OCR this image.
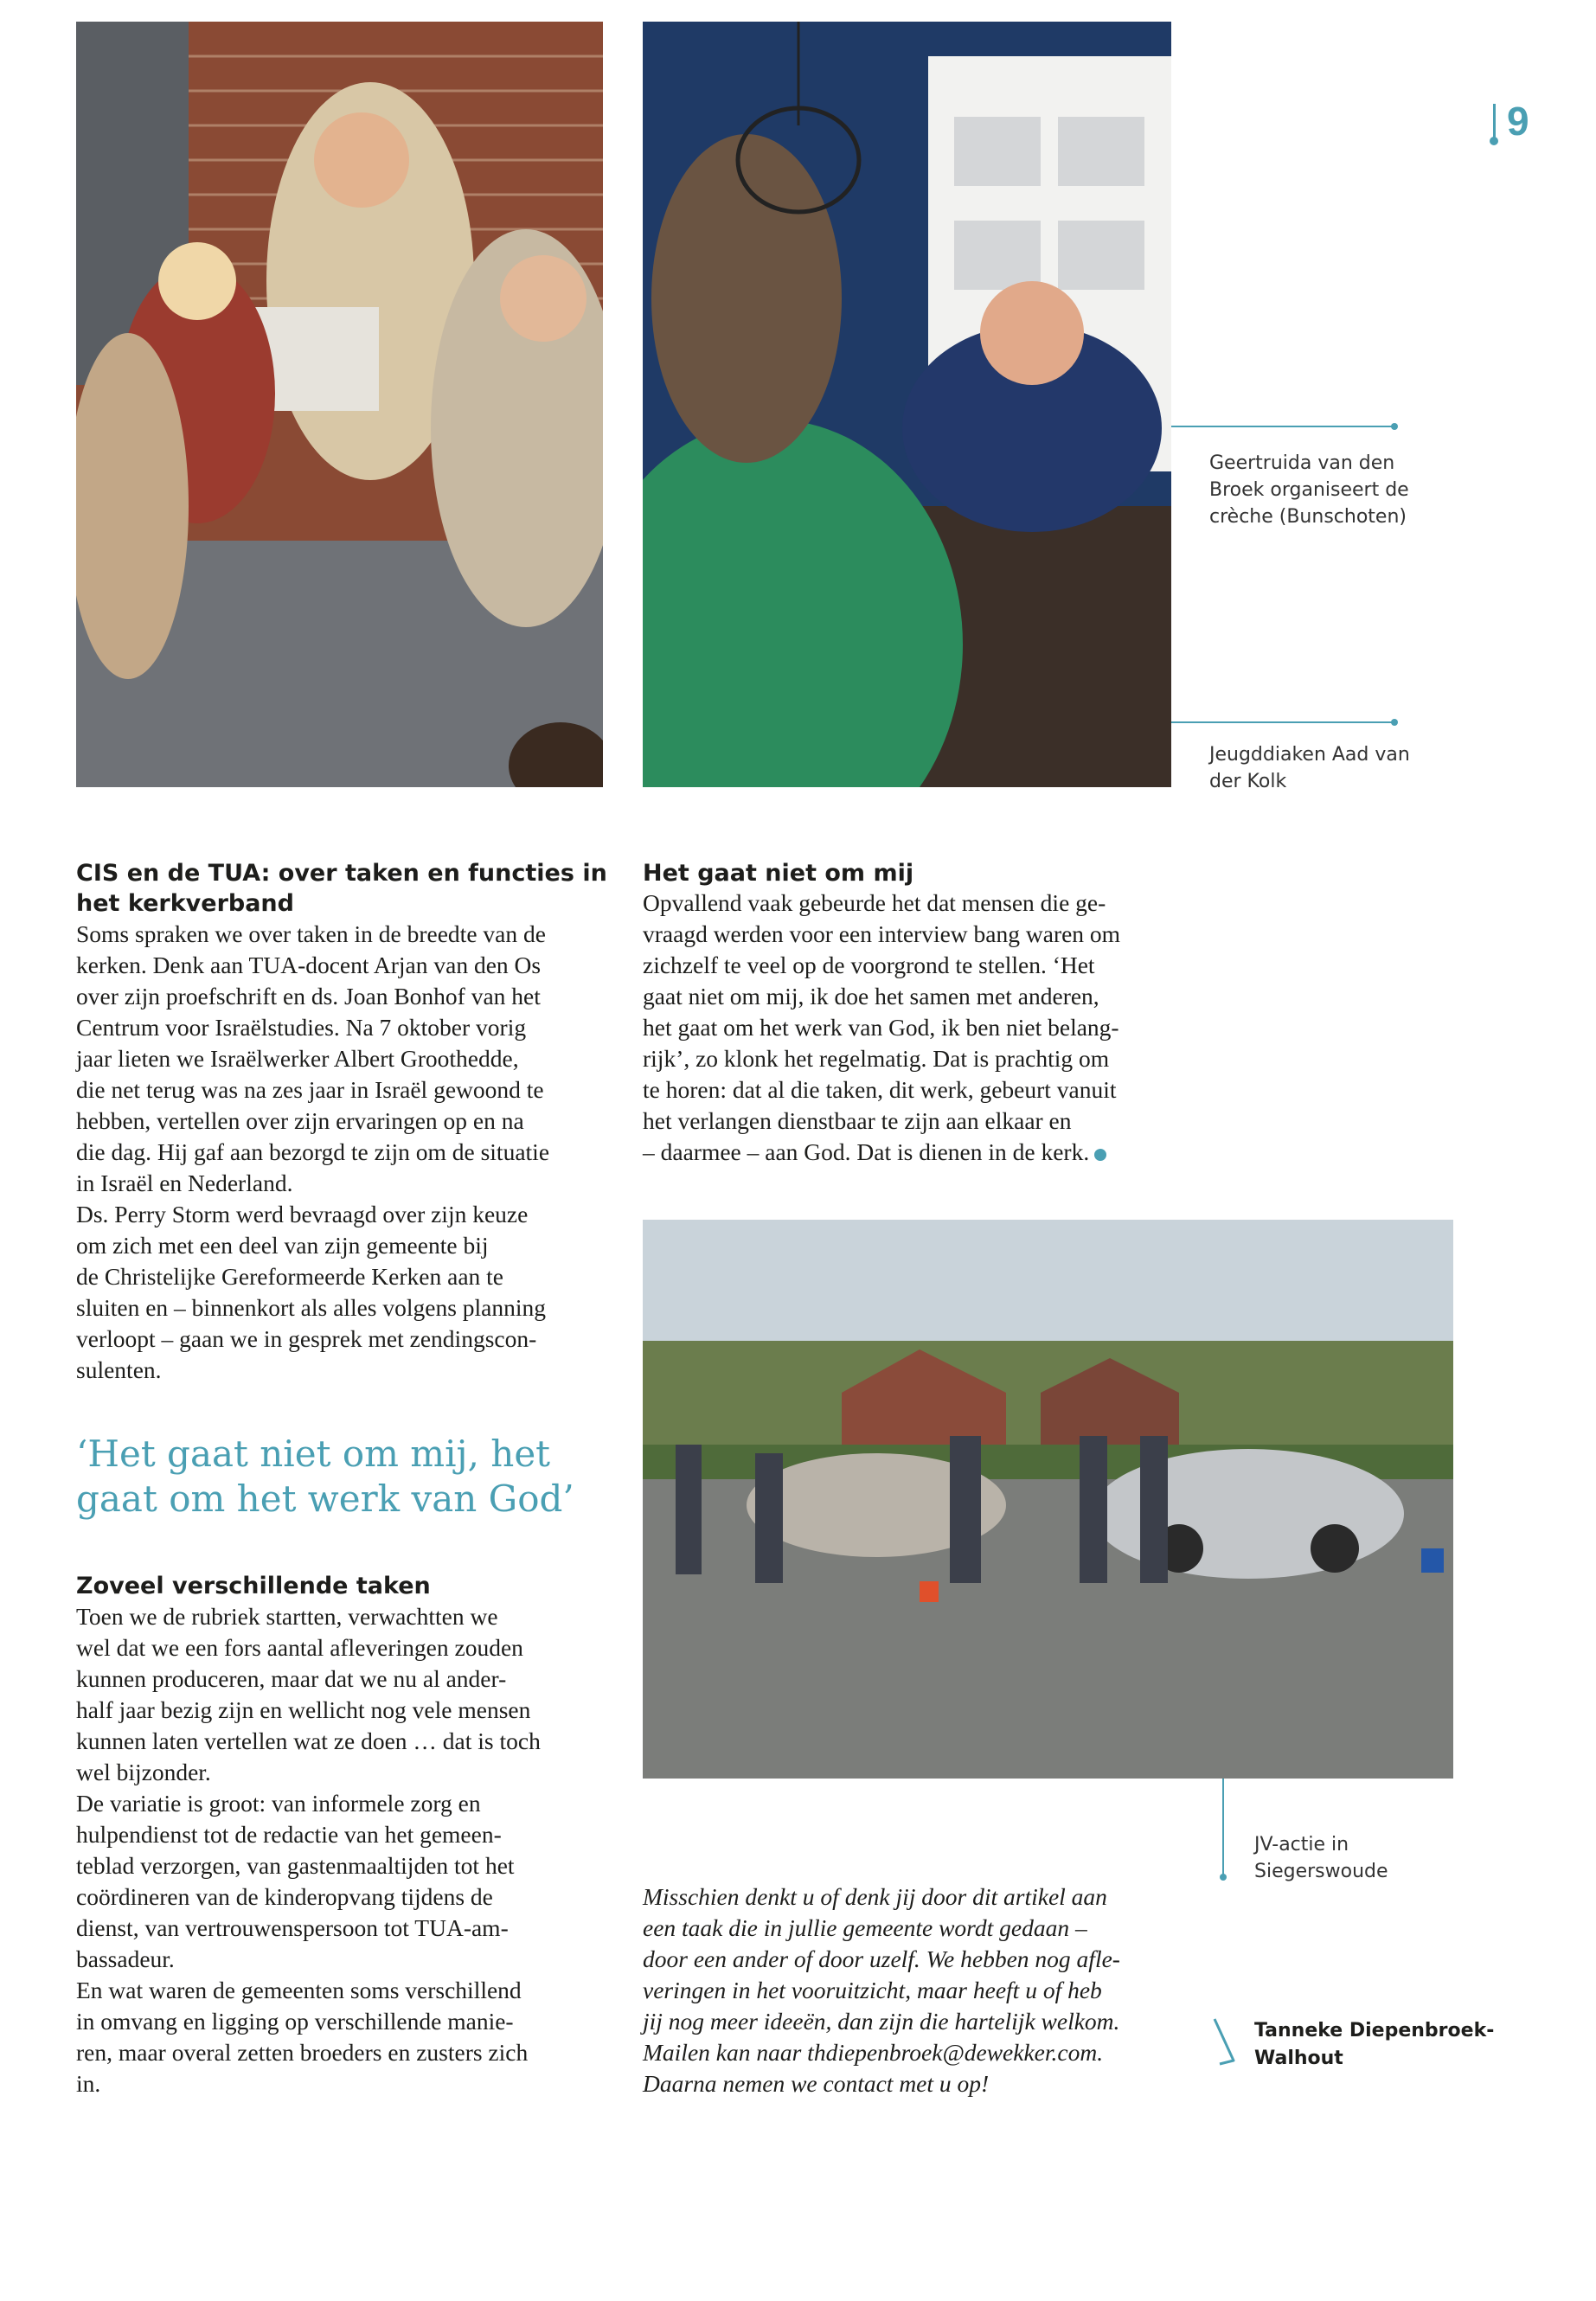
9
Geertruida van den
Broek organiseert de
crèche (Bunschoten)
Jeugddiaken Aad van
der Kolk
CIS en de TUA: over taken en functies in
het kerkverband

Soms spraken we over taken in de breedte van de

kerken. Denk aan TUA-docent Arjan van den Os

over zijn proefschrift en ds. Joan Bonhof van het

Centrum voor Israëlstudies. Na 7 oktober vorig

jaar lieten we Israëlwerker Albert Groothedde,

die net terug was na zes jaar in Israël gewoond te

hebben, vertellen over zijn ervaringen op en na

die dag. Hij gaf aan bezorgd te zijn om de situatie

in Israël en Nederland.

Ds. Perry Storm werd bevraagd over zijn keuze

om zich met een deel van zijn gemeente bij

de Christelijke Gereformeerde Kerken aan te

sluiten en – binnenkort als alles volgens planning

verloopt – gaan we in gesprek met zendingscon-

sulenten.

‘Het gaat niet om mij, het
gaat om het werk van God’
Zoveel verschillende taken

Toen we de rubriek startten, verwachtten we

wel dat we een fors aantal afleveringen zouden

kunnen produceren, maar dat we nu al ander-

half jaar bezig zijn en wellicht nog vele mensen

kunnen laten vertellen wat ze doen … dat is toch

wel bijzonder.

De variatie is groot: van informele zorg en

hulpendienst tot de redactie van het gemeen-

teblad verzorgen, van gastenmaaltijden tot het

coördineren van de kinderopvang tijdens de

dienst, van vertrouwenspersoon tot TUA-am-

bassadeur.

En wat waren de gemeenten soms verschillend

in omvang en ligging op verschillende manie-

ren, maar overal zetten broeders en zusters zich

in.

Het gaat niet om mij

Opvallend vaak gebeurde het dat mensen die ge-

vraagd werden voor een interview bang waren om

zichzelf te veel op de voorgrond te stellen. ‘Het

gaat niet om mij, ik doe het samen met anderen,

het gaat om het werk van God, ik ben niet belang-

rijk’, zo klonk het regelmatig. Dat is prachtig om

te horen: dat al die taken, dit werk, gebeurt vanuit

het verlangen dienstbaar te zijn aan elkaar en

– daarmee – aan God. Dat is dienen in de kerk.

JV-actie in
Siegerswoude
Misschien denkt u of denk jij door dit artikel aan
een taak die in jullie gemeente wordt gedaan –
door een ander of door uzelf. We hebben nog afle-
veringen in het vooruitzicht, maar heeft u of heb
jij nog meer ideeën, dan zijn die hartelijk welkom.
Mailen kan naar thdiepenbroek@dewekker.com.
Daarna nemen we contact met u op!
Tanneke Diepenbroek-
Walhout
